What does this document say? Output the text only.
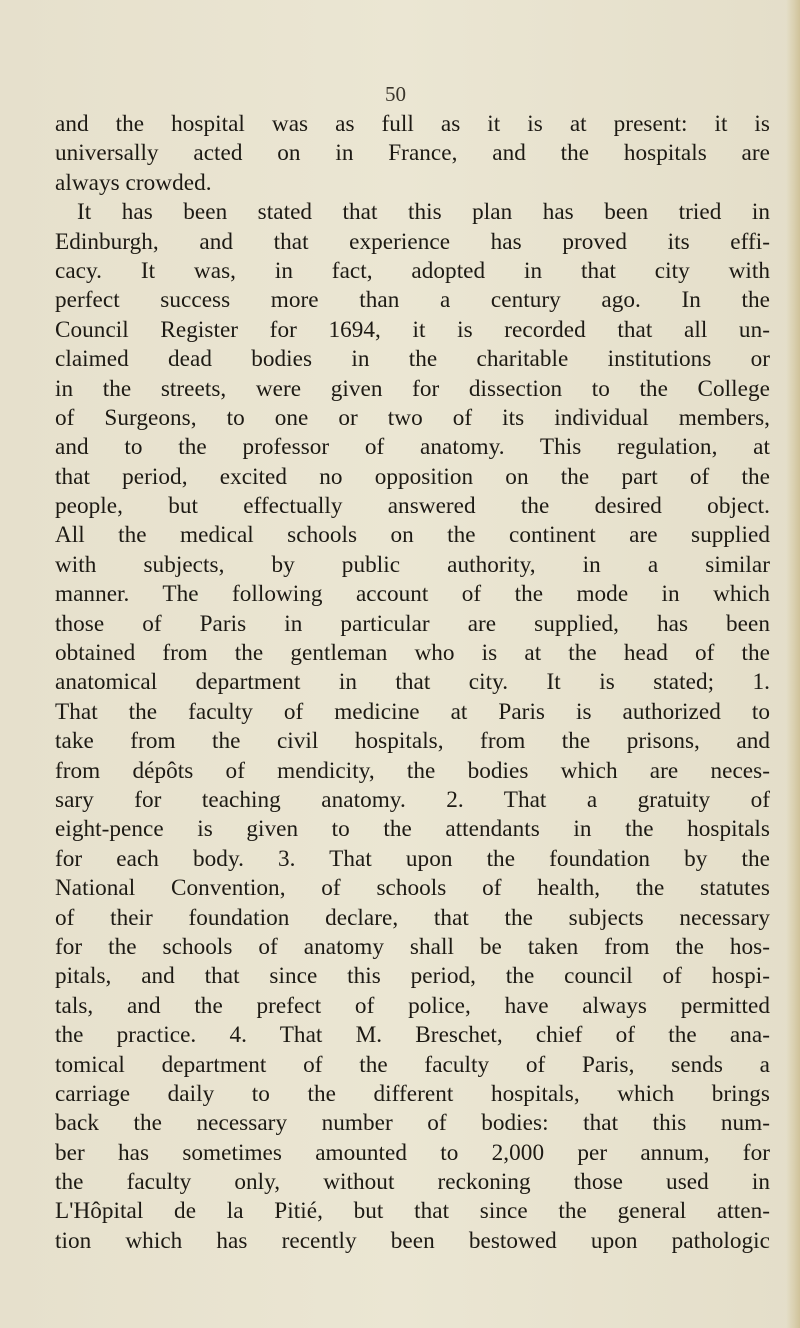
50
and the hospital was as full as it is at present: it is
universally acted on in France, and the hospitals are
always crowded.
It has been stated that this plan has been tried in
Edinburgh, and that experience has proved its effi-
cacy. It was, in fact, adopted in that city with
perfect success more than a century ago. In the
Council Register for 1694, it is recorded that all un-
claimed dead bodies in the charitable institutions or
in the streets, were given for dissection to the College
of Surgeons, to one or two of its individual members,
and to the professor of anatomy. This regulation, at
that period, excited no opposition on the part of the
people, but effectually answered the desired object.
All the medical schools on the continent are supplied
with subjects, by public authority, in a similar
manner. The following account of the mode in which
those of Paris in particular are supplied, has been
obtained from the gentleman who is at the head of the
anatomical department in that city. It is stated; 1.
That the faculty of medicine at Paris is authorized to
take from the civil hospitals, from the prisons, and
from dépôts of mendicity, the bodies which are neces-
sary for teaching anatomy. 2. That a gratuity of
eight-pence is given to the attendants in the hospitals
for each body. 3. That upon the foundation by the
National Convention, of schools of health, the statutes
of their foundation declare, that the subjects necessary
for the schools of anatomy shall be taken from the hos-
pitals, and that since this period, the council of hospi-
tals, and the prefect of police, have always permitted
the practice. 4. That M. Breschet, chief of the ana-
tomical department of the faculty of Paris, sends a
carriage daily to the different hospitals, which brings
back the necessary number of bodies: that this num-
ber has sometimes amounted to 2,000 per annum, for
the faculty only, without reckoning those used in
L'Hôpital de la Pitié, but that since the general atten-
tion which has recently been bestowed upon pathologic
